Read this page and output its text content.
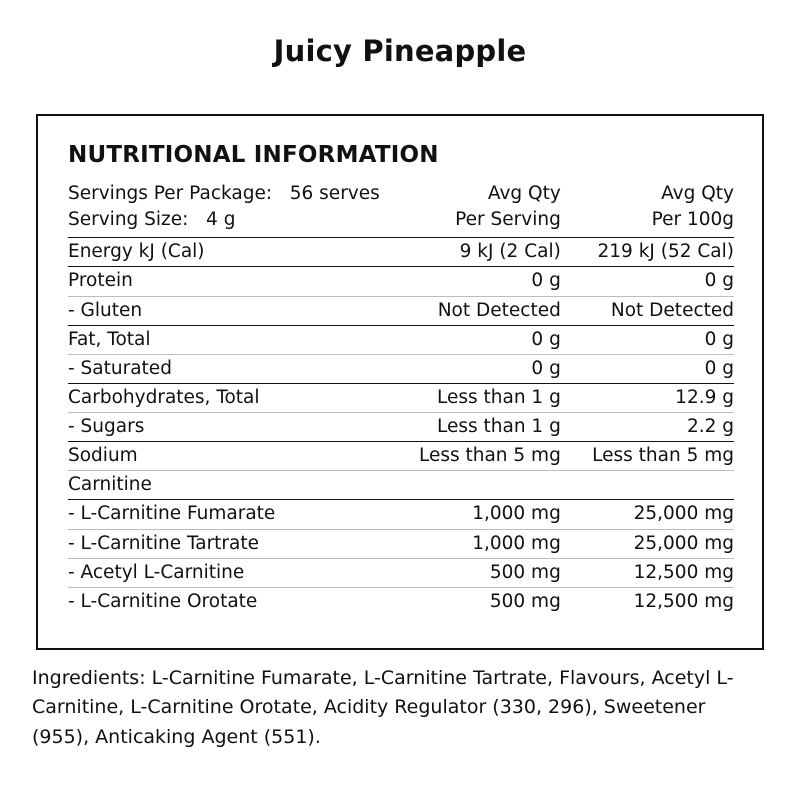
Juicy Pineapple
NUTRITIONAL INFORMATION
Servings Per Package: 56 serves	Avg Qty	Avg Qty
Serving Size: 4 g	Per Serving	Per 100g
Energy kJ (Cal)	9 kJ (2 Cal)	219 kJ (52 Cal)
Protein	0 g	0 g
- Gluten	Not Detected	Not Detected
Fat, Total	0 g	0 g
- Saturated	0 g	0 g
Carbohydrates, Total	Less than 1 g	12.9 g
- Sugars	Less than 1 g	2.2 g
Sodium	Less than 5 mg	Less than 5 mg
Carnitine		
- L-Carnitine Fumarate	1,000 mg	25,000 mg
- L-Carnitine Tartrate	1,000 mg	25,000 mg
- Acetyl L-Carnitine	500 mg	12,500 mg
- L-Carnitine Orotate	500 mg	12,500 mg
Ingredients: L-Carnitine Fumarate, L-Carnitine Tartrate, Flavours, Acetyl L-Carnitine, L-Carnitine Orotate, Acidity Regulator (330, 296), Sweetener (955), Anticaking Agent (551).
